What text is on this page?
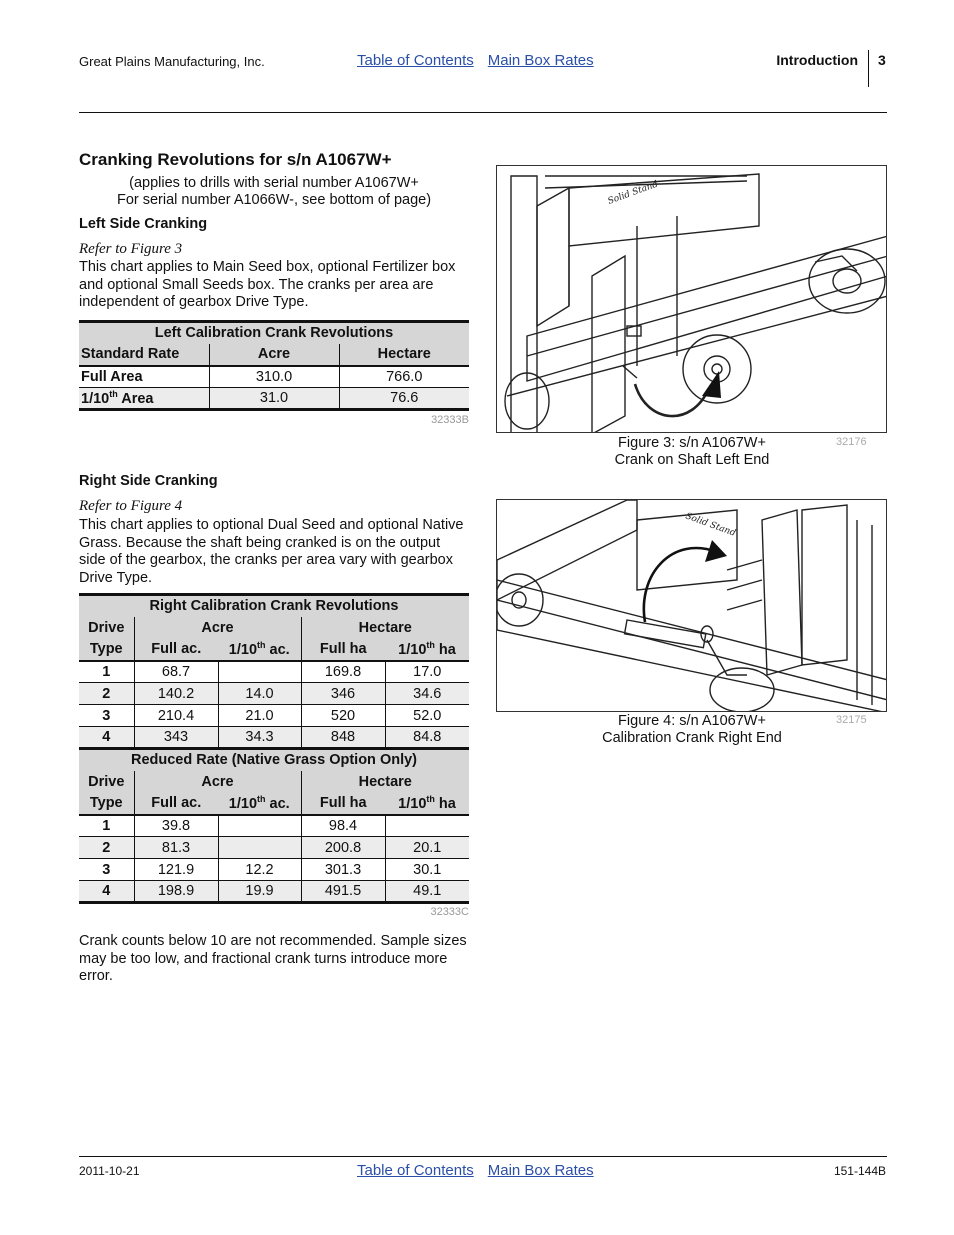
Great Plains Manufacturing, Inc.	Table of Contents Main Box Rates	Introduction 3
Cranking Revolutions for s/n A1067W+
(applies to drills with serial number A1067W+
For serial number A1066W-, see bottom of page)
Left Side Cranking
Refer to Figure 3
This chart applies to Main Seed box, optional Fertilizer box and optional Small Seeds box. The cranks per area are independent of gearbox Drive Type.
Left Calibration Crank Revolutions		
Standard Rate	Acre	Hectare
Full Area	310.0	766.0
1/10th Area	31.0	76.6
32333B
Right Side Cranking
Refer to Figure 4
This chart applies to optional Dual Seed and optional Native Grass. Because the shaft being cranked is on the output side of the gearbox, the cranks per area vary with gearbox Drive Type.
Right Calibration Crank Revolutions				
Drive	Acre		Hectare	
Type	Full ac.	1/10th ac.	Full ha	1/10th ha
1	68.7		169.8	17.0
2	140.2	14.0	346	34.6
3	210.4	21.0	520	52.0
4	343	34.3	848	84.8
Reduced Rate (Native Grass Option Only)				
Drive	Acre		Hectare	
Type	Full ac.	1/10th ac.	Full ha	1/10th ha
1	39.8		98.4	
2	81.3		200.8	20.1
3	121.9	12.2	301.3	30.1
4	198.9	19.9	491.5	49.1
32333C
Crank counts below 10 are not recommended. Sample sizes may be too low, and fractional crank turns introduce more error.
Solid Stand
Figure 3: s/n A1067W+
Crank on Shaft Left End
32176
Solid Stand
Figure 4: s/n A1067W+
Calibration Crank Right End
32175
2011-10-21	Table of Contents Main Box Rates	151-144B
